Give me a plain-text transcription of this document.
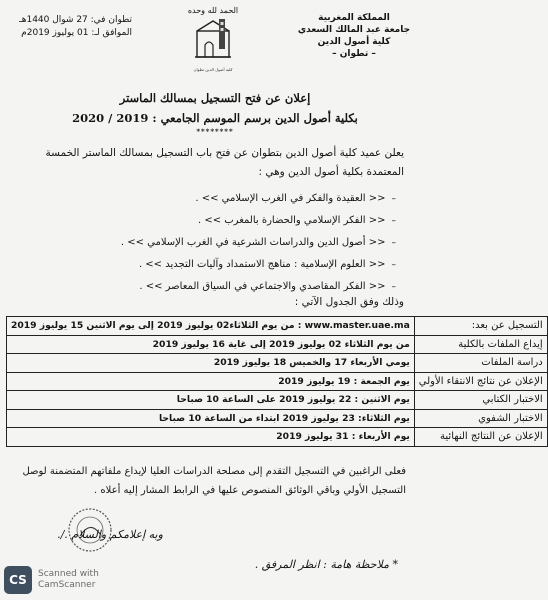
المملكة المغربية
جامعة عبد المالك السعدي
كلية أصول الدين
– تطوان –
الحمد لله وحده
كلية أصول الدين تطوان
تطوان في: 27 شوال 1440هـ
الموافق لـ: 01 يوليوز 2019م
إعلان عن فتح التسجيل بمسالك الماستر
بكلية أصول الدين برسم الموسم الجامعي : 2019 / 2020
********
يعلن عميد كلية أصول الدين بتطوان عن فتح باب التسجيل بمسالك الماستر الخمسة المعتمدة بكلية أصول الدين وهي :
–
<< العقيدة والفكر في الغرب الإسلامي >> .
–
<< الفكر الإسلامي والحضارة بالمغرب >> .
–
<< أصول الدين والدراسات الشرعية في الغرب الإسلامي >> .
–
<< العلوم الإسلامية : مناهج الاستمداد وآليات التجديد >> .
–
<< الفكر المقاصدي والاجتماعي في السياق المعاصر >> .
وذلك وفق الجدول الآتي :
التسجيل عن بعد:	www.master.uae.ma : من يوم الثلاثاء02 يوليوز 2019 إلى يوم الاثنين 15 يوليوز 2019
إيداع الملفات بالكلية	من يوم الثلاثاء 02 يوليوز 2019 إلى غاية 16 يوليوز 2019
دراسة الملفات	يومي الأربعاء 17 والخميس 18 يوليوز 2019
الإعلان عن نتائج الانتقاء الأولي	يوم الجمعة : 19 يوليوز 2019
الاختبار الكتابي	يوم الاثنين : 22 يوليوز 2019 على الساعة 10 صباحا
الاختبار الشفوي	يوم الثلاثاء: 23 يوليوز 2019 ابتداء من الساعة 10 صباحا
الإعلان عن النتائج النهائية	يوم الأربعاء : 31 يوليوز 2019
فعلى الراغبين في التسجيل التقدم إلى مصلحة الدراسات العليا لإيداع ملفاتهم المتضمنة لوصل التسجيل الأولي وباقي الوثائق المنصوص عليها في الرابط المشار إليه أعلاه .
وبه إعلامكم والسلام ./.
* ملاحظة هامة : انظر المرفق .
CS	Scanned with
CamScanner
